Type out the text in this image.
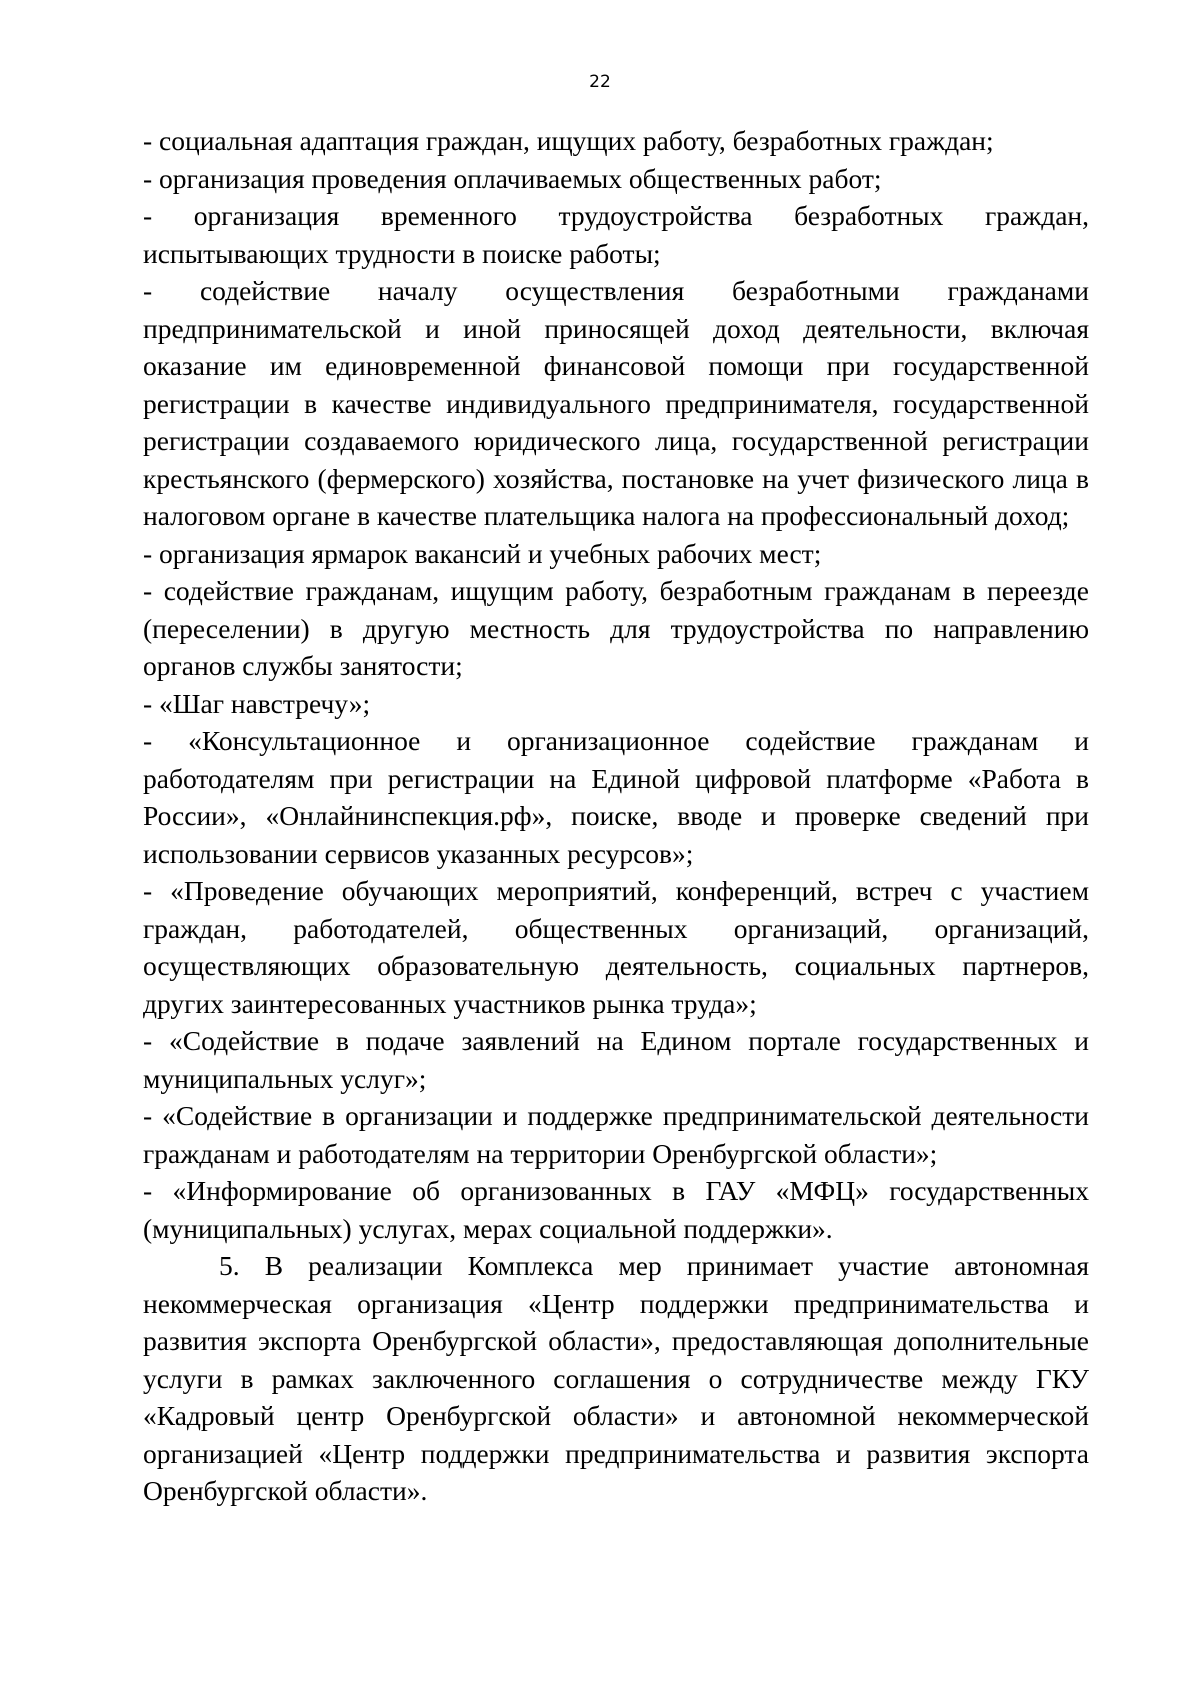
22

- социальная адаптация граждан, ищущих работу, безработных граждан;

- организация проведения оплачиваемых общественных работ;

- организация временного трудоустройства безработных граждан, испытывающих трудности в поиске работы;

- содействие началу осуществления безработными гражданами предпринимательской и иной приносящей доход деятельности, включая оказание им единовременной финансовой помощи при государственной регистрации в качестве индивидуального предпринимателя, государственной регистрации создаваемого юридического лица, государственной регистрации крестьянского (фермерского) хозяйства, постановке на учет физического лица в налоговом органе в качестве плательщика налога на профессиональный доход;

- организация ярмарок вакансий и учебных рабочих мест;

- содействие гражданам, ищущим работу, безработным гражданам в переезде (переселении) в другую местность для трудоустройства по направлению органов службы занятости;

- «Шаг навстречу»;

- «Консультационное и организационное содействие гражданам и работодателям при регистрации на Единой цифровой платформе «Работа в России», «Онлайнинспекция.рф», поиске, вводе и проверке сведений при использовании сервисов указанных ресурсов»;

- «Проведение обучающих мероприятий, конференций, встреч с участием граждан, работодателей, общественных организаций, организаций, осуществляющих образовательную деятельность, социальных партнеров, других заинтересованных участников рынка труда»;

- «Содействие в подаче заявлений на Едином портале государственных и муниципальных услуг»;

- «Содействие в организации и поддержке предпринимательской деятельности гражданам и работодателям на территории Оренбургской области»;

- «Информирование об организованных в ГАУ «МФЦ» государственных (муниципальных) услугах, мерах социальной поддержки».

5. В реализации Комплекса мер принимает участие автономная некоммерческая организация «Центр поддержки предпринимательства и развития экспорта Оренбургской области», предоставляющая дополнительные услуги в рамках заключенного соглашения о сотрудничестве между ГКУ «Кадровый центр Оренбургской области» и автономной некоммерческой организацией «Центр поддержки предпринимательства и развития экспорта Оренбургской области».
